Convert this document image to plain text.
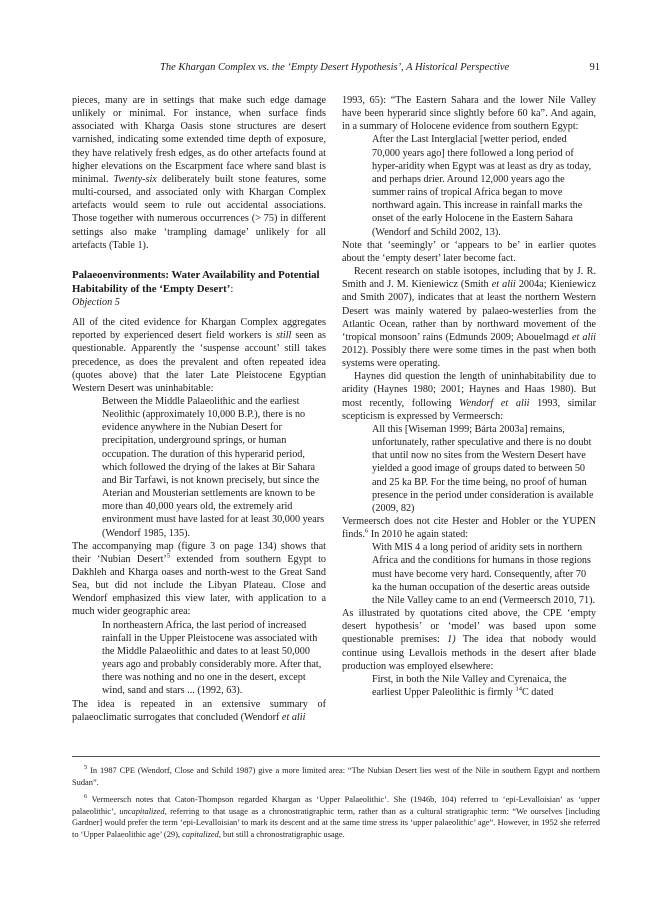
The Khargan Complex vs. the ‘Empty Desert Hypothesis’, A Historical Perspective	91

pieces, many are in settings that make such edge damage unlikely or minimal. For instance, when surface finds associated with Kharga Oasis stone structures are desert varnished, indicating some extended time depth of exposure, they have relatively fresh edges, as do other artefacts found at higher elevations on the Escarpment face where sand blast is minimal. Twenty-six deliberately built stone features, some multi-coursed, and associated only with Khargan Complex artefacts would seem to rule out accidental associations. Those together with numerous occurrences (> 75) in different settings also make ‘trampling damage’ unlikely for all artefacts (Table 1).

Palaeoenvironments: Water Availability and Potential Habitability of the ‘Empty Desert’:

Objection 5

All of the cited evidence for Khargan Complex aggregates reported by experienced desert field workers is still seen as questionable. Apparently the ‘suspense account’ still takes precedence, as does the prevalent and often repeated idea (quotes above) that the later Late Pleistocene Egyptian Western Desert was uninhabitable:

Between the Middle Palaeolithic and the earliest Neolithic (approximately 10,000 B.P.), there is no evidence anywhere in the Nubian Desert for precipitation, underground springs, or human occupation. The duration of this hyperarid period, which followed the drying of the lakes at Bir Sahara and Bir Tarfawi, is not known precisely, but since the Aterian and Mousterian settlements are known to be more than 40,000 years old, the extremely arid environment must have lasted for at least 30,000 years (Wendorf 1985, 135).

The accompanying map (figure 3 on page 134) shows that their ‘Nubian Desert’$^5$ extended from southern Egypt to Dakhleh and Kharga oases and north-west to the Great Sand Sea, but did not include the Libyan Plateau. Close and Wendorf emphasized this view later, with application to a much wider geographic area:

In northeastern Africa, the last period of increased rainfall in the Upper Pleistocene was associated with the Middle Palaeolithic and dates to at least 50,000 years ago and probably considerably more. After that, there was nothing and no one in the desert, except wind, sand and stars ... (1992, 63).

The idea is repeated in an extensive summary of palaeoclimatic surrogates that concluded (Wendorf et alii

1993, 65): “The Eastern Sahara and the lower Nile Valley have been hyperarid since slightly before 60 ka”. And again, in a summary of Holocene evidence from southern Egypt:

After the Last Interglacial [wetter period, ended 70,000 years ago] there followed a long period of hyper-aridity when Egypt was at least as dry as today, and perhaps drier. Around 12,000 years ago the summer rains of tropical Africa began to move northward again. This increase in rainfall marks the onset of the early Holocene in the Eastern Sahara (Wendorf and Schild 2002, 13).

Note that ‘seemingly’ or ‘appears to be’ in earlier quotes about the ‘empty desert’ later become fact.

Recent research on stable isotopes, including that by J. R. Smith and J. M. Kieniewicz (Smith et alii 2004a; Kieniewicz and Smith 2007), indicates that at least the northern Western Desert was mainly watered by palaeo-westerlies from the Atlantic Ocean, rather than by northward movement of the ‘tropical monsoon’ rains (Edmunds 2009; Abouelmagd et alii 2012). Possibly there were some times in the past when both systems were operating.

Haynes did question the length of uninhabitability due to aridity (Haynes 1980; 2001; Haynes and Haas 1980). But most recently, following Wendorf et alii 1993, similar scepticism is expressed by Vermeersch:

All this [Wiseman 1999; Bárta 2003a] remains, unfortunately, rather speculative and there is no doubt that until now no sites from the Western Desert have yielded a good image of groups dated to between 50 and 25 ka BP. For the time being, no proof of human presence in the period under consideration is available (2009, 82)

Vermeersch does not cite Hester and Hobler or the YUPEN finds.$^6$ In 2010 he again stated:

With MIS 4 a long period of aridity sets in northern Africa and the conditions for humans in those regions must have become very hard. Consequently, after 70 ka the human occupation of the desertic areas outside the Nile Valley came to an end (Vermeersch 2010, 71).

As illustrated by quotations cited above, the CPE ‘empty desert hypothesis’ or ‘model’ was based upon some questionable premises: 1) The idea that nobody would continue using Levallois methods in the desert after blade production was employed elsewhere:

First, in both the Nile Valley and Cyrenaica, the earliest Upper Paleolithic is firmly $^{14}$C dated

$^5$ In 1987 CPE (Wendorf, Close and Schild 1987) give a more limited area: “The Nubian Desert lies west of the Nile in southern Egypt and northern Sudan”.

$^6$ Vermeersch notes that Caton-Thompson regarded Khargan as ‘Upper Palaeolithic’. She (1946b, 104) referred to ‘epi-Levalloisian’ as ‘upper palaeolithic’, uncapitalized, referring to that usage as a chronostratigraphic term, rather than as a cultural stratigraphic term: “We ourselves [including Gardner] would prefer the term ‘epi-Levalloisian’ to mark its descent and at the same time stress its ‘upper palaeolithic’ age”. However, in 1952 she referred to ‘Upper Palaeolithic age’ (29), capitalized, but still a chronostratigraphic usage.
